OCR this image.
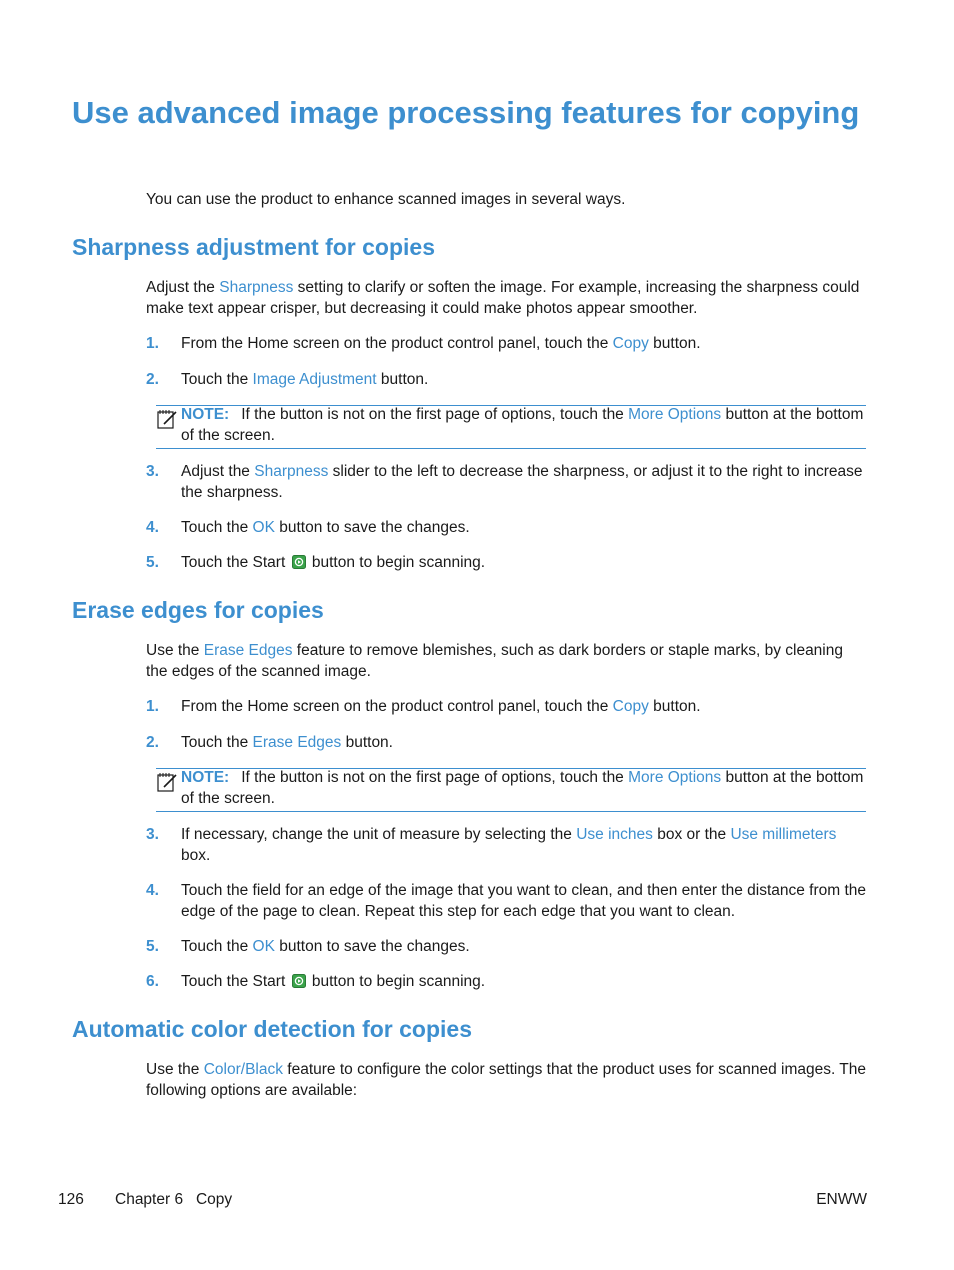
Use advanced image processing features for copying

You can use the product to enhance scanned images in several ways.

Sharpness adjustment for copies

Adjust the Sharpness setting to clarify or soften the image. For example, increasing the sharpness could make text appear crisper, but decreasing it could make photos appear smoother.

1. From the Home screen on the product control panel, touch the Copy button.
2. Touch the Image Adjustment button.
NOTE: If the button is not on the first page of options, touch the More Options button at the bottom of the screen.
3. Adjust the Sharpness slider to the left to decrease the sharpness, or adjust it to the right to increase the sharpness.
4. Touch the OK button to save the changes.
5. Touch the Start  button to begin scanning.
Erase edges for copies

Use the Erase Edges feature to remove blemishes, such as dark borders or staple marks, by cleaning the edges of the scanned image.

1. From the Home screen on the product control panel, touch the Copy button.
2. Touch the Erase Edges button.
NOTE: If the button is not on the first page of options, touch the More Options button at the bottom of the screen.
3. If necessary, change the unit of measure by selecting the Use inches box or the Use millimeters box.
4. Touch the field for an edge of the image that you want to clean, and then enter the distance from the edge of the page to clean. Repeat this step for each edge that you want to clean.
5. Touch the OK button to save the changes.
6. Touch the Start  button to begin scanning.
Automatic color detection for copies

Use the Color/Black feature to configure the color settings that the product uses for scanned images. The following options are available:

126 Chapter 6   Copy	ENWW
